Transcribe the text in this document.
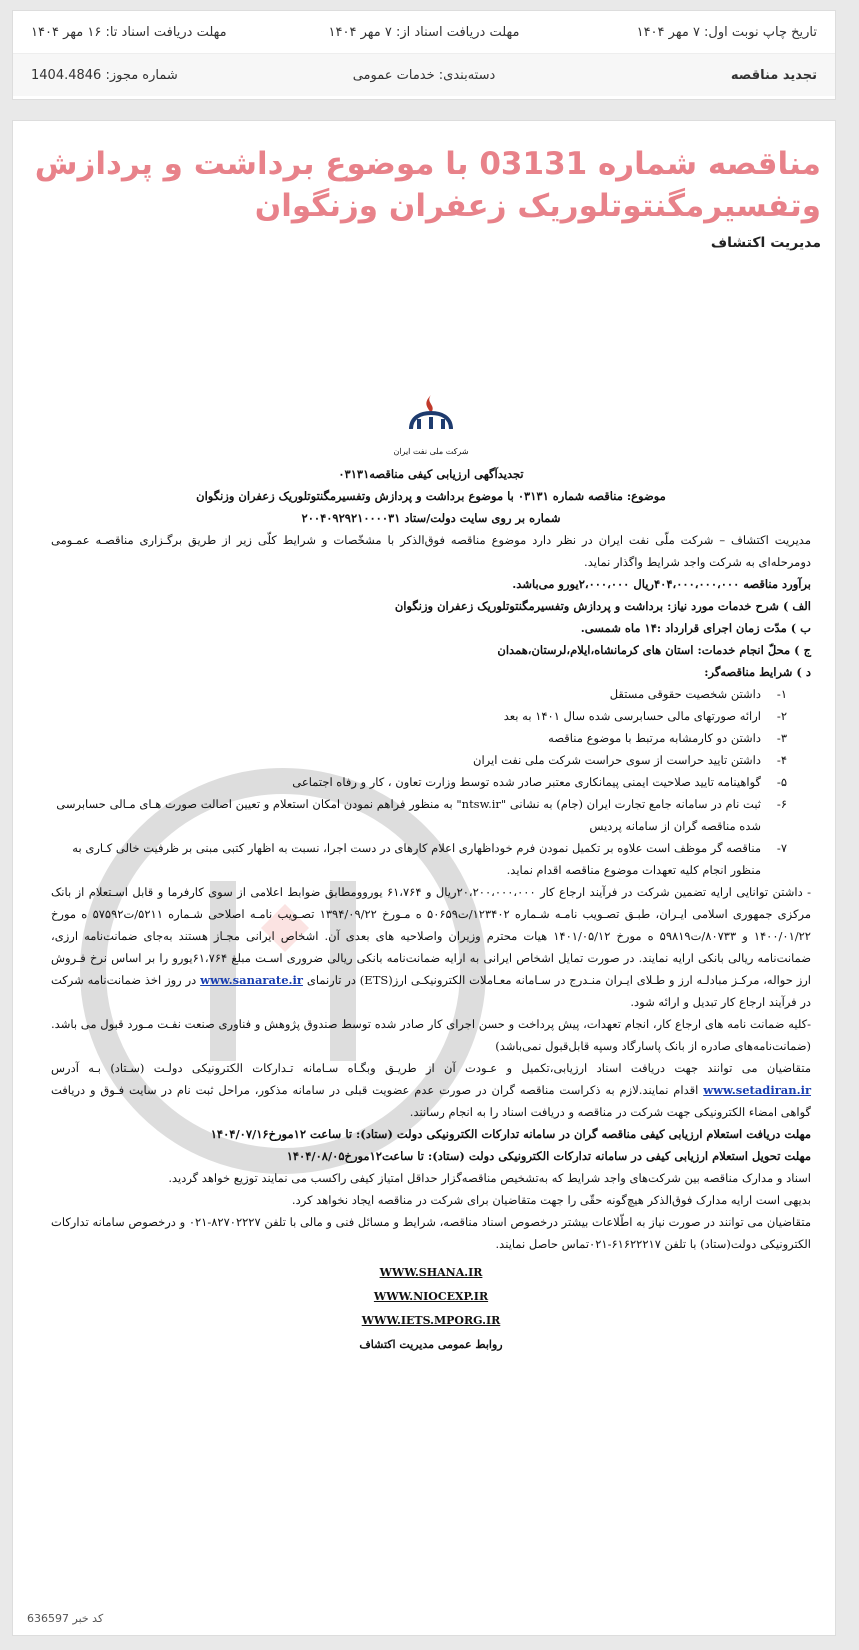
تاریخ چاپ نوبت اول: ۷ مهر ۱۴۰۴
مهلت دریافت اسناد از: ۷ مهر ۱۴۰۴
مهلت دریافت اسناد تا: ۱۶ مهر ۱۴۰۴
تجدید مناقصه
دسته‌بندی: خدمات عمومی
شماره مجوز: 1404.4846
مناقصه شماره 03131 با موضوع برداشت و پردازش وتفسیرمگنتوتلوریک زعفران وزنگوان
مدیریت اکتشاف
شرکت ملی نفت ایران

تجدیدآگهی ارزیابی کیفی مناقصه۰۳۱۳۱

موضوع: مناقصه شماره ۰۳۱۳۱ با موضوع برداشت و پردازش وتفسیرمگنتوتلوریک زعفران وزنگوان

شماره بر روی سایت دولت/ستاد ۲۰۰۴۰۹۲۹۲۱۰۰۰۰۳۱

مدیریت اکتشاف – شرکت ملّی نفت ایران در نظر دارد موضوع مناقصه فوق‌الذکر با مشخّصات و شرایط کلّی زیر از طریق برگـزاری مناقصـه عمـومی دومرحله‌ای به شرکت واجد شرایط واگذار نماید.

برآورد مناقصه ۴۰۴،۰۰۰،۰۰۰،۰۰۰ریال ۲،۰۰۰،۰۰۰یورو می‌باشد.

الف ) شرح خدمات مورد نیاز: برداشت و پردازش وتفسیرمگنتوتلوریک زعفران وزنگوان

ب ) مدّت زمان اجرای قرارداد :۱۴ ماه شمسی.

ج ) محلّ انجام خدمات: استان های کرمانشاه،ایلام،لرستان،همدان

د ) شرایط مناقصه‌گر:

۱-
داشتن شخصیت حقوقی مستقل
۲-
ارائه صورتهای مالی حسابرسی شده سال ۱۴۰۱ به بعد
۳-
داشتن دو کارمشابه مرتبط با موضوع مناقصه
۴-
داشتن تایید حراست از سوی حراست شرکت ملی نفت ایران
۵-
گواهینامه تایید صلاحیت ایمنی پیمانکاری معتبر صادر شده توسط وزارت تعاون ، کار و رفاه اجتماعی
۶-
ثبت نام در سامانه جامع تجارت ایران (جام) به نشانی "ntsw.ir" به منظور فراهم نمودن امکان استعلام و تعیین اصالت صورت هـای مـالی حسابرسی شده مناقصه گران از سامانه پردیس
۷-
مناقصه گر موظف است علاوه بر تکمیل نمودن فرم خوداظهاری اعلام کارهای در دست اجرا، نسبت به اظهار کتبی مبنی بر ظرفیت خالی کـاری به منظور انجام کلیه تعهدات موضوع مناقصه اقدام نماید.

- داشتن توانایی ارایه تضمین شرکت در فرآیند ارجاع کار ۲۰،۲۰۰،۰۰۰،۰۰۰ریال و ۶۱،۷۶۴ یوروومطابق ضوابط اعلامی از سوی کارفرما و قابل اسـتعلام از بانک مرکزی جمهوری اسلامی ایـران، طبـق تصـویب نامـه شـماره ۱۲۳۴۰۲/ت۵۰۶۵۹ ه مـورخ ۱۳۹۴/۰۹/۲۲ تصـویب نامـه اصلاحی شـماره ۵۲۱۱/ت۵۷۵۹۲ ه مورخ ۱۴۰۰/۰۱/۲۲ و ۸۰۷۳۳/ت۵۹۸۱۹ ه مورخ ۱۴۰۱/۰۵/۱۲ هیات محترم وزیران واصلاحیه های بعدی آن. اشخاص ایرانی مجـاز هستند به‌جای ضمانت‌نامه ارزی، ضمانت‌نامه ریالی بانکی ارایه نمایند. در صورت تمایل اشخاص ایرانی به ارایه ضمانت‌نامه بانکی ریالی ضروری اسـت مبلغ ۶۱،۷۶۴یورو را بر اساس نرخ فـروش ارز حواله، مرکـز مبادلـه ارز و طـلای ایـران منـدرج در سـامانه معـاملات الکترونیکـی ارز(ETS) در تارنمای www.sanarate.ir در روز اخذ ضمانت‌نامه شرکت در فرآیند ارجاع کار تبدیل و ارائه شود.

-کلیه ضمانت نامه های ارجاع کار، انجام تعهدات، پیش پرداخت و حسن اجرای کار صادر شده توسط صندوق پژوهش و فناوری صنعت نفـت مـورد قبول می باشد. (ضمانت‌نامه‌های صادره از بانک پاسارگاد وسپه قابل‌قبول نمی‌باشد)

متقاضیان می توانند جهت دریافت اسناد ارزیابی،تکمیل و عـودت آن از طریـق وبگـاه سـامانه تـدارکات الکترونیکی دولـت (سـتاد) بـه آدرس www.setadiran.ir اقدام نمایند.لازم به ذکراست مناقصه گران در صورت عدم عضویت قبلی در سامانه مذکور، مراحل ثبت نام در سایت فـوق و دریافت گواهی امضاء الکترونیکی جهت شرکت در مناقصه و دریافت اسناد را به انجام رسانند.

مهلت دریافت استعلام ارزیابی کیفی مناقصه گران در سامانه تدارکات الکترونیکی دولت (ستاد): تا ساعت ۱۲مورخ۱۴۰۴/۰۷/۱۶

مهلت تحویل استعلام ارزیابی کیفی در سامانه تدارکات الکترونیکی دولت (ستاد): تا ساعت۱۲مورخ۱۴۰۴/۰۸/۰۵

اسناد و مدارک مناقصه بین شرکت‌های واجد شرایط که به‌تشخیص مناقصه‌گزار حداقل امتیاز کیفی راکسب می نمایند توزیع خواهد گردید.

بدیهی است ارایه مدارک فوق‌الذکر هیچ‌گونه حقّی را جهت متقاضیان برای شرکت در مناقصه ایجاد نخواهد کرد.

متقاضیان می توانند در صورت نیاز به اطّلاعات بیشتر درخصوص اسناد مناقصه، شرایط و مسائل فنی و مالی با تلفن ۸۲۷۰۲۲۲۷-۰۲۱ و درخصوص سامانه تدارکات الکترونیکی دولت(ستاد) با تلفن ۶۱۶۲۲۲۱۷-۰۲۱تماس حاصل نمایند.

WWW.SHANA.IR
WWW.NIOCEXP.IR
WWW.IETS.MPORG.IR
روابط عمومی مدیریت اکتشاف
کد خبر 636597
